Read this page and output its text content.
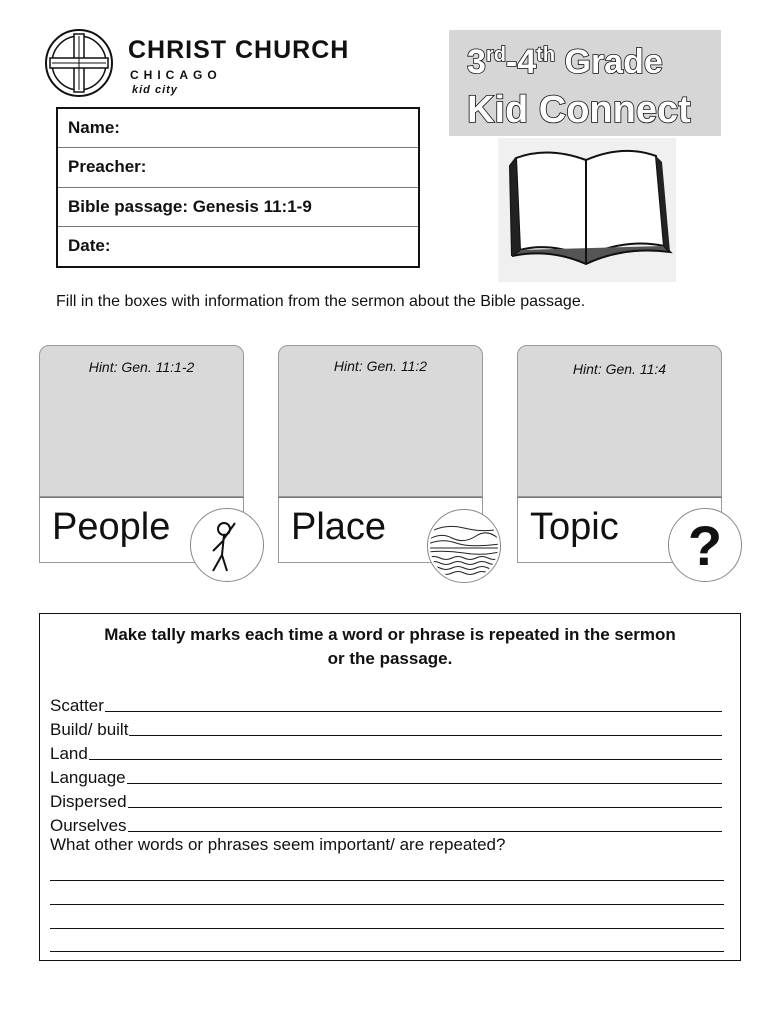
CHRIST CHURCH
CHICAGO
kid city
3rd-4th Grade
Kid Connect
Name:
Preacher:
Bible passage: Genesis 11:1-9
Date:
Fill in the boxes with information from the sermon about the Bible passage.
Hint: Gen. 11:1-2
People
Hint: Gen. 11:2
Place
Hint: Gen. 11:4
Topic ?
Make tally marks each time a word or phrase is repeated in the sermon
or the passage.
Scatter
Build/ built
Land
Language
Dispersed
Ourselves
What other words or phrases seem important/ are repeated?
